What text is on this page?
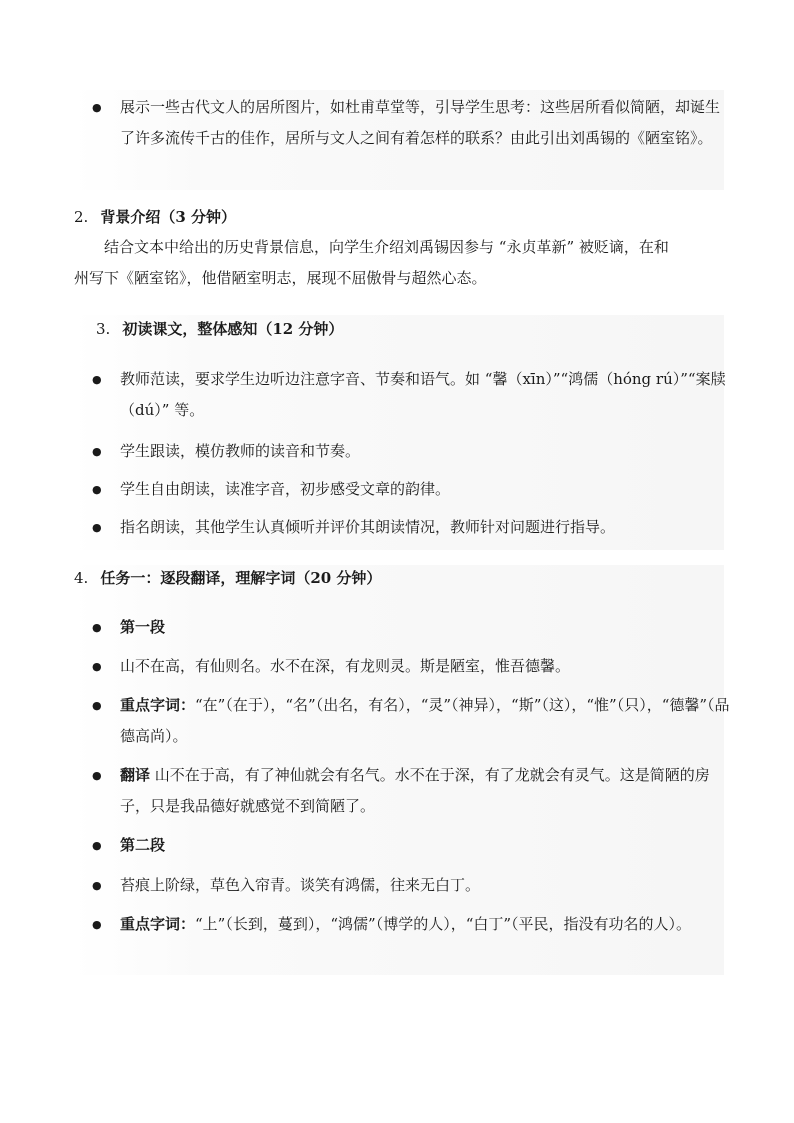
●	展示一些古代文人的居所图片，如杜甫草堂等，引导学生思考：这些居所看似简陋，却诞生了许多流传千古的佳作，居所与文人之间有着怎样的联系？由此引出刘禹锡的《陋室铭》。
2. 背景介绍（3 分钟）
结合文本中给出的历史背景信息，向学生介绍刘禹锡因参与 “永贞革新” 被贬谪，在和
州写下《陋室铭》，他借陋室明志，展现不屈傲骨与超然心态。
3. 初读课文，整体感知（12 分钟）
●	教师范读，要求学生边听边注意字音、节奏和语气。如 “馨（xīn）”“鸿儒（hóng rú）”“案牍（dú）” 等。
●	学生跟读，模仿教师的读音和节奏。
●	学生自由朗读，读准字音，初步感受文章的韵律。
●	指名朗读，其他学生认真倾听并评价其朗读情况，教师针对问题进行指导。
4. 任务一：逐段翻译，理解字词（20 分钟）
●	第一段
●	山不在高，有仙则名。水不在深，有龙则灵。斯是陋室，惟吾德馨。
●	重点字词：“在”（在于），“名”（出名，有名），“灵”（神异），“斯”（这），“惟”（只），“德馨”（品德高尚）。
●	翻译 山不在于高，有了神仙就会有名气。水不在于深，有了龙就会有灵气。这是简陋的房子，只是我品德好就感觉不到简陋了。
●	第二段
●	苔痕上阶绿，草色入帘青。谈笑有鸿儒，往来无白丁。
●	重点字词：“上”（长到，蔓到），“鸿儒”（博学的人），“白丁”（平民，指没有功名的人）。
